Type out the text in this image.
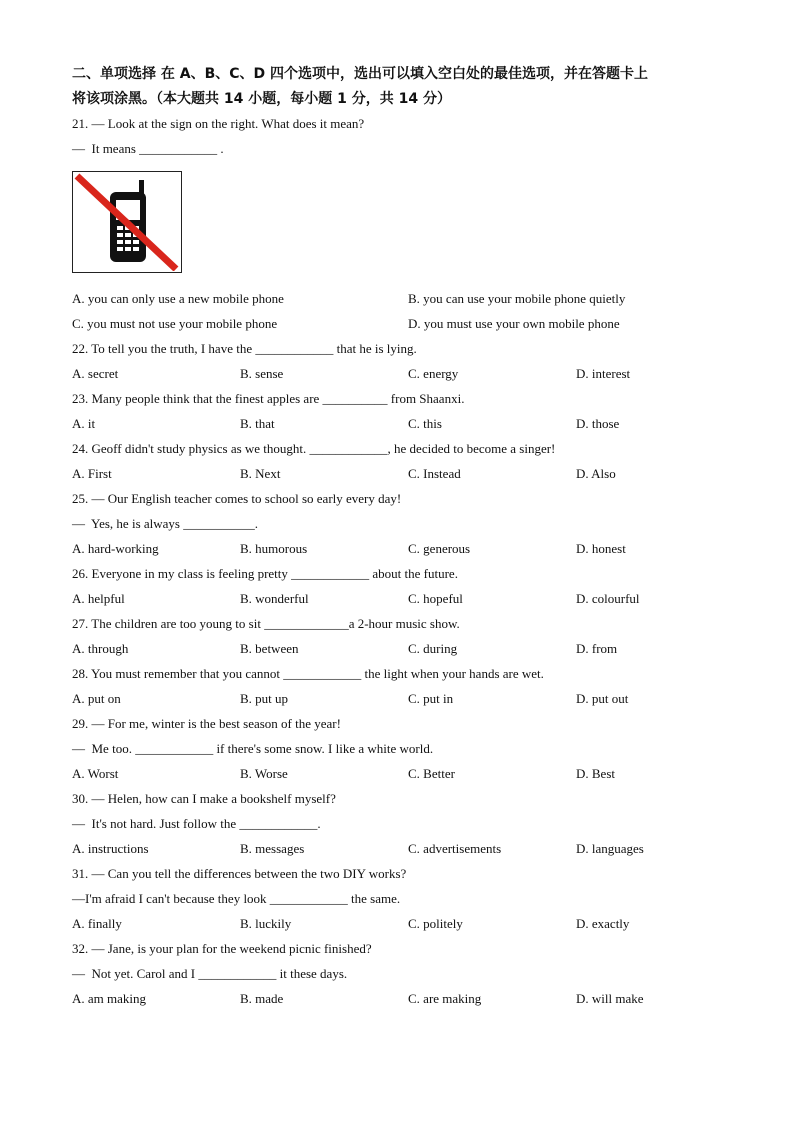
二、单项选择 在 A、B、C、D 四个选项中，选出可以填入空白处的最佳选项，并在答题卡上
将该项涂黑。（本大题共 14 小题，每小题 1 分，共 14 分）
21. — Look at the sign on the right. What does it mean?
—  It means ____________ .
A. you can only use a new mobile phone	B. you can use your mobile phone quietly
C. you must not use your mobile phone	D. you must use your own mobile phone
22. To tell you the truth, I have the ____________ that he is lying.
A. secret	B. sense	C. energy	D. interest
23. Many people think that the finest apples are __________ from Shaanxi.
A. it	B. that	C. this	D. those
24. Geoff didn't study physics as we thought. ____________, he decided to become a singer!
A. First	B. Next	C. Instead	D. Also
25. — Our English teacher comes to school so early every day!
—  Yes, he is always ___________.
A. hard-working	B. humorous	C. generous	D. honest
26. Everyone in my class is feeling pretty ____________ about the future.
A. helpful	B. wonderful	C. hopeful	D. colourful
27. The children are too young to sit _____________a 2-hour music show.
A. through	B. between	C. during	D. from
28. You must remember that you cannot ____________ the light when your hands are wet.
A. put on	B. put up	C. put in	D. put out
29. — For me, winter is the best season of the year!
—  Me too. ____________ if there's some snow. I like a white world.
A. Worst	B. Worse	C. Better	D. Best
30. — Helen, how can I make a bookshelf myself?
—  It's not hard. Just follow the ____________.
A. instructions	B. messages	C. advertisements	D. languages
31. — Can you tell the differences between the two DIY works?
—I'm afraid I can't because they look ____________ the same.
A. finally	B. luckily	C. politely	D. exactly
32. — Jane, is your plan for the weekend picnic finished?
—  Not yet. Carol and I ____________ it these days.
A. am making	B. made	C. are making	D. will make
